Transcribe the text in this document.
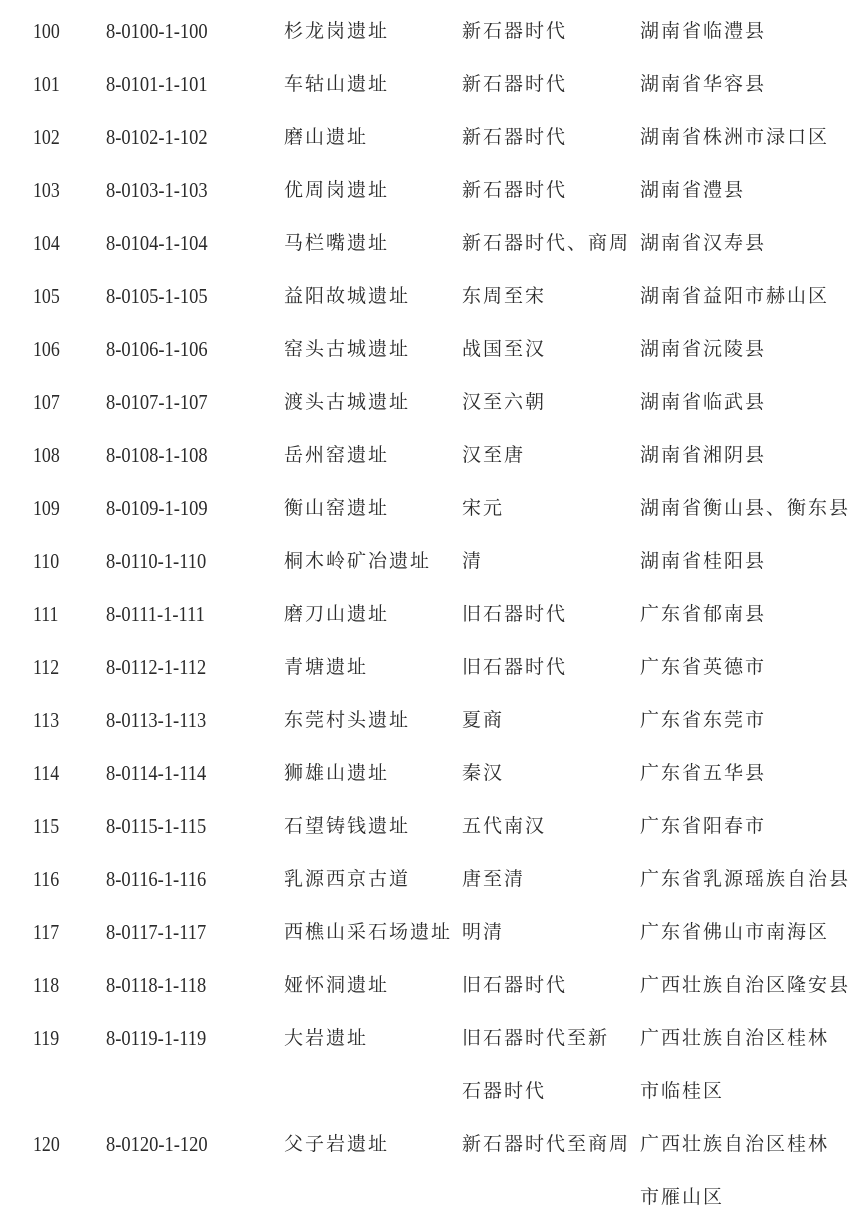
100	8-0100-1-100	杉龙岗遗址	新石器时代	湖南省临澧县
101	8-0101-1-101	车轱山遗址	新石器时代	湖南省华容县
102	8-0102-1-102	磨山遗址	新石器时代	湖南省株洲市渌口区
103	8-0103-1-103	优周岗遗址	新石器时代	湖南省澧县
104	8-0104-1-104	马栏嘴遗址	新石器时代、商周 湖南省汉寿县
105	8-0105-1-105	益阳故城遗址	东周至宋	湖南省益阳市赫山区
106	8-0106-1-106	窑头古城遗址	战国至汉	湖南省沅陵县
107	8-0107-1-107	渡头古城遗址	汉至六朝	湖南省临武县
108	8-0108-1-108	岳州窑遗址	汉至唐	湖南省湘阴县
109	8-0109-1-109	衡山窑遗址	宋元	湖南省衡山县、衡东县
110	8-0110-1-110	桐木岭矿冶遗址	清	湖南省桂阳县
111	8-0111-1-111	磨刀山遗址	旧石器时代	广东省郁南县
112	8-0112-1-112	青塘遗址	旧石器时代	广东省英德市
113	8-0113-1-113	东莞村头遗址	夏商	广东省东莞市
114	8-0114-1-114	狮雄山遗址	秦汉	广东省五华县
115	8-0115-1-115	石望铸钱遗址	五代南汉	广东省阳春市
116	8-0116-1-116	乳源西京古道	唐至清	广东省乳源瑶族自治县
117	8-0117-1-117	西樵山采石场遗址 明清	广东省佛山市南海区
118	8-0118-1-118	娅怀洞遗址	旧石器时代	广西壮族自治区隆安县
119	8-0119-1-119	大岩遗址	旧石器时代至新石器时代
广西壮族自治区桂林市临桂区
120	8-0120-1-120	父子岩遗址	新石器时代至商周 广西壮族自治区桂林市雁山区
